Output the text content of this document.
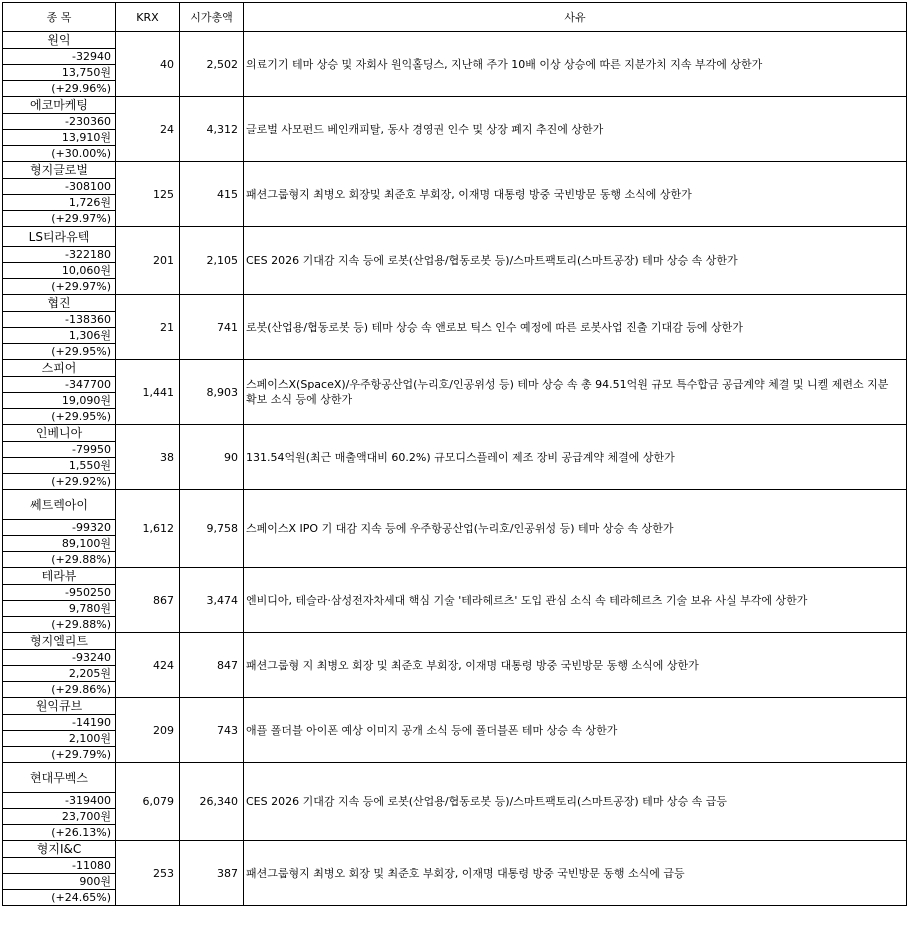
종 목	KRX	시가총액	사유

원익
-32940
13,750원
(+29.96%)	40	2,502	의료기기 테마 상승 및 자회사 원익홀딩스, 지난해 주가 10배 이상 상승에 따른 지분가치 지속 부각에 상한가

에코마케팅
-230360
13,910원
(+30.00%)	24	4,312	글로벌 사모펀드 베인캐피탈, 동사 경영권 인수 및 상장 폐지 추진에 상한가

형지글로벌
-308100
1,726원
(+29.97%)	125	415	패션그룹형지 최병오 회장및 최준호 부회장, 이재명 대통령 방중 국빈방문 동행 소식에 상한가

LS티라유텍
-322180
10,060원
(+29.97%)	201	2,105	CES 2026 기대감 지속 등에 로봇(산업용/협동로봇 등)/스마트팩토리(스마트공장) 테마 상승 속 상한가

협진
-138360
1,306원
(+29.95%)	21	741	로봇(산업용/협동로봇 등) 테마 상승 속 앤로보 틱스 인수 예정에 따른 로봇사업 진출 기대감 등에 상한가

스피어
-347700
19,090원
(+29.95%)	1,441	8,903	스페이스X(SpaceX)/우주항공산업(누리호/인공위성 등) 테마 상승 속 총 94.51억원 규모 특수합금 공급계약 체결 및 니켈 제련소 지분 확보 소식 등에 상한가

인베니아
-79950
1,550원
(+29.92%)	38	90	131.54억원(최근 매출액대비 60.2%) 규모디스플레이 제조 장비 공급계약 체결에 상한가

쎄트렉아이
-99320
89,100원
(+29.88%)	1,612	9,758	스페이스X IPO 기 대감 지속 등에 우주항공산업(누리호/인공위성 등) 테마 상승 속 상한가

테라뷰
-950250
9,780원
(+29.88%)	867	3,474	엔비디아, 테슬라·삼성전자차세대 핵심 기술 '테라헤르츠' 도입 관심 소식 속 테라헤르츠 기술 보유 사실 부각에 상한가

형지엘리트
-93240
2,205원
(+29.86%)	424	847	패션그룹형 지 최병오 회장 및 최준호 부회장, 이재명 대통령 방중 국빈방문 동행 소식에 상한가

원익큐브
-14190
2,100원
(+29.79%)	209	743	애플 폴더블 아이폰 예상 이미지 공개 소식 등에 폴더블폰 테마 상승 속 상한가

현대무벡스
-319400
23,700원
(+26.13%)	6,079	26,340	CES 2026 기대감 지속 등에 로봇(산업용/협동로봇 등)/스마트팩토리(스마트공장) 테마 상승 속 급등

형지I&C
-11080
900원
(+24.65%)	253	387	패션그룹형지 최병오 회장 및 최준호 부회장, 이재명 대통령 방중 국빈방문 동행 소식에 급등
